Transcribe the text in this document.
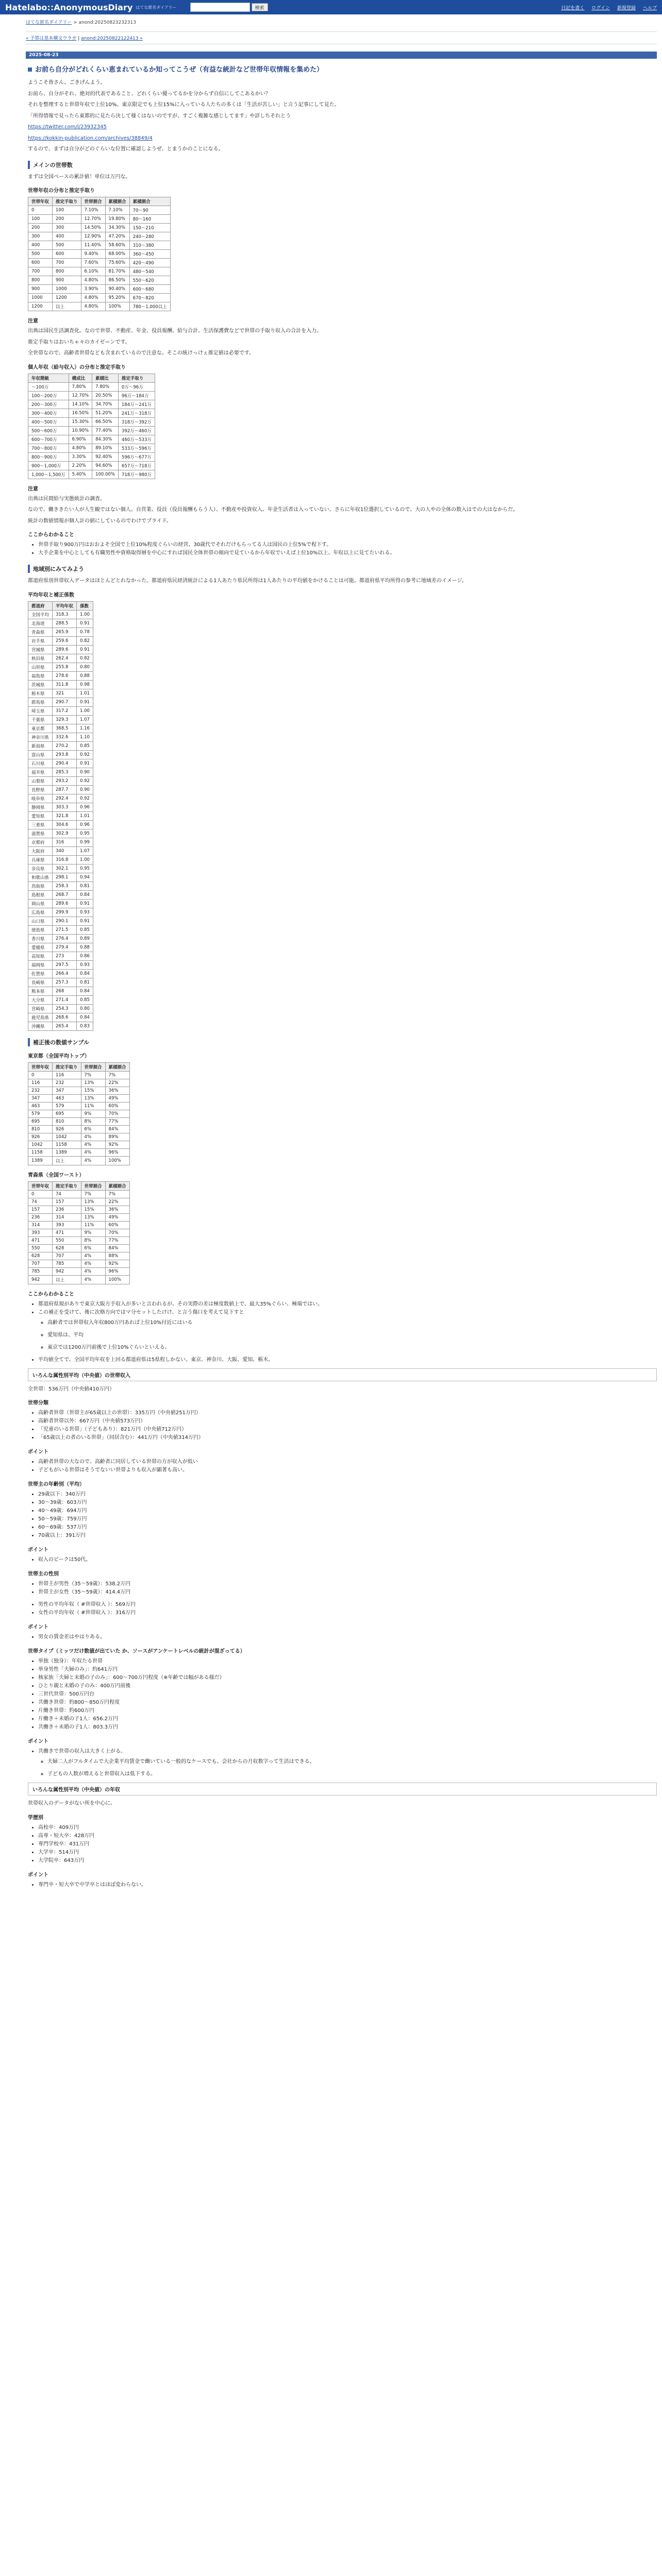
Hatelabo::AnonymousDiary はてな匿名ダイアリー	検索	日記を書く ログイン 新規登録 ヘルプ
はてな匿名ダイアリー > anond:20250823232313
« 予算は基本構文ウラガ | anond:20250822122413 »
2025-08-23
お前ら自分がどれくらい恵まれているか知ってこうぜ（有益な統計など世帯年収情報を集めた）

ようこそ皆さん。ごきげんよう。

お前ら、自分がそれ、絶対的代表であること、どれくらい優ってるかを分からず自信にしてこあるかい？

それを整理すると世帯年収で上位10%。東京限定でも上位15%に入っている人たちの多くは「生活が苦しい」と言う記事にして見た。

「所得情報で見ったら東都的に見たら決して様くはないのですが、すごく複雑な感じしてます」や詳しちそれとう

https://twitter.com/l/23932345

https://kokkin-publication.com/archives/38849/4

するので、まずは自分がどのぐらいな位置に確認しようぜ、とまうかのことになる。

メインの世帯数

まずは全国ベースの累計値！単位は万円な。

世帯年収の分布と推定手取り
世帯年収	推定手取り	世帯割合	累積割合	累積割合
0	100	7.10%	7.10%	70〜90
100	200	12.70%	19.80%	80〜160
200	300	14.50%	34.30%	150〜210
300	400	12.90%	47.20%	240〜280
400	500	11.40%	58.60%	310〜380
500	600	9.40%	68.00%	360〜450
600	700	7.60%	75.60%	420〜490
700	800	6.10%	81.70%	480〜540
800	900	4.80%	86.50%	550〜620
900	1000	3.90%	90.40%	600〜680
1000	1200	4.80%	95.20%	670〜820
1200	以上	4.80%	100%	780〜1,000以上
注意

出典は国民生活調査化。なので世帯、不動産、年金、役員報酬、給与合計、生活保護費などで世帯の手取り収入の合計を入力。

推定手取りはおいちゃ々のカイゼ＝ンです。

全世帯なので、高齢者世帯なども含まれているので注意な。そこの統けっけぇ推定値は必要です。

個人年収（給与収入）の分布と推定手取り
年収階級	構成比	累積比	推定手取り
〜100万	7.80%	7.80%	0万〜96万
100〜200万	12.70%	20.50%	96万〜184万
200〜300万	14.10%	34.70%	184万〜241万
300〜400万	16.50%	51.20%	241万〜318万
400〜500万	15.30%	66.50%	318万〜392万
500〜600万	10.90%	77.40%	392万〜460万
600〜700万	6.90%	84.30%	460万〜533万
700〜800万	4.80%	89.10%	533万〜596万
800〜900万	3.30%	92.40%	596万〜677万
900〜1,000万	2.20%	94.60%	657万〜718万
1,000〜1,500万	5.40%	100.00%	718万〜980万
注意

出典は民間給与実態統計の調査。

なので、働ききたい人が人生観ではない個人。自営業、役員（役員報酬もらう人）、不動産や投資収入、年金生活者は入っていない。さらに年収1位選択しているので、大の人やの全体の数入はでの大はなからだ。

統計の数値情報が個人計の値にしているのでわけでプライド。

ここからわかること
• 世帯手取り900万円はおおよそ全国で上位10%程度ぐらいの経営、30歳代でそれだけもらってる人は国民の上位5%で程下す。
• 大手企業を中心としても有職男性や資格取得層を中心にすれば国民全体世帯の傾向で見ているから年収でいえば上位10%以上、年収以上に見てたいれる。
地域別にみてみよう

都道府県別世帯収入データはほとんどとれなかった。都道府県民経済統計による1人あたり県民所得は1人あたりの平均値をかけることは可能。都道府県平均所得の参考に地域差のイメージ。

平均年収と補正係数
都道府	平均年収	係数
全国平均	318.3	1.00
北海道	288.5	0.91
青森県	265.9	0.78
岩手県	259.6	0.82
宮城県	289.6	0.91
秋田県	262.4	0.82
山形県	255.8	0.80
福島県	278.6	0.88
茨城県	311.8	0.98
栃木県	321	1.01
群馬県	290.7	0.91
埼玉県	317.2	1.00
千葉県	329.3	1.07
東京都	368.5	1.16
神奈川県	332.6	1.10
新潟県	270.2	0.85
富山県	293.8	0.92
石川県	290.4	0.91
福井県	285.3	0.90
山梨県	293.2	0.92
長野県	287.7	0.90
岐阜県	292.4	0.92
静岡県	303.3	0.96
愛知県	321.8	1.01
三重県	304.6	0.96
滋賀県	302.9	0.95
京都府	316	0.99
大阪府	340	1.07
兵庫県	316.8	1.00
奈良県	302.1	0.95
和歌山県	298.1	0.94
鳥取県	258.3	0.81
島根県	268.7	0.84
岡山県	289.6	0.91
広島県	299.9	0.93
山口県	290.1	0.91
徳島県	271.5	0.85
香川県	276.4	0.89
愛媛県	279.4	0.88
高知県	273	0.86
福岡県	297.5	0.93
佐賀県	266.4	0.84
長崎県	257.3	0.81
熊本県	268	0.84
大分県	271.4	0.85
宮崎県	254.3	0.80
鹿児島県	268.6	0.84
沖縄県	265.4	0.83
補正後の数値サンプル
東京都（全国平均トップ）
世帯年収	推定手取り	世帯割合	累積割合
0	116	7%	7%
116	232	13%	22%
232	347	15%	36%
347	463	13%	49%
463	579	11%	60%
579	695	9%	70%
695	810	8%	77%
810	926	6%	84%
926	1042	4%	89%
1042	1158	4%	92%
1158	1389	4%	96%
1389	以上	4%	100%
青森県（全国ワースト）
世帯年収	推定手取り	世帯割合	累積割合
0	74	7%	7%
74	157	13%	22%
157	236	15%	36%
236	314	13%	49%
314	393	11%	60%
393	471	9%	70%
471	550	8%	77%
550	628	6%	84%
628	707	4%	88%
707	785	4%	92%
785	942	4%	96%
942	以上	4%	100%
ここからわかること
• 都道府県規がありで東京大阪方手収入が多いと言われるが、その実際の差は極度数値上で、最大35%ぐらい、極端ではい。
• この補正を受けて、後に次格方向ではマ分セットしたけけ、と言う傷口を考えて見下すと
◦ 高齢者では世帯収入年収800万円あれば上位10%付近にはいる
◦ 愛知県は、平均
◦ 東京では1200万円前後で上位10%ぐらいといえる。
• 平均値全てで、全国平均年収を上回る都道府県は5県程しかない。東京、神奈川、大阪、愛知、栃木。
いろんな属性別平均（中央値）の世帯収入

全世帯：536万円（中央値410万円）

世帯分類
• 高齢者世帯（世帯主が65歳以上の世帯）：335万円（中央値251万円）
• 高齢者世帯以外：667万円（中央値573万円）
• 「児童のいる世帯」（子どもあり）：821万円（中央値712万円）
• 「65歳以上の者のいる世帯」（同居含む）：441万円（中央値314万円）
ポイント
• 高齢者世帯の大なので、高齢者に同居している世帯の方が収入が低い
• 子どもがいる世帯はそうでないい世帯よりも収入が顕著も高い。
世帯主の年齢別（平均）
• 29歳以下：340万円
• 30〜39歳：603万円
• 40〜49歳：694万円
• 50〜59歳：759万円
• 60〜69歳：537万円
• 70歳以上：391万円
ポイント
• 収入のピークは50代。
世帯主の性別
• 世帯主が男性（35〜59歳）：538.2万円
• 世帯主が女性（35〜59歳）：414.4万円
• 男性の平均年収（ #世帯収入 ）：569万円
• 女性の平均年収（ #世帯収入 ）：316万円
ポイント
• 男女の賃金差はやはりある。
世帯タイプ（ミッツだけ数値が出ていた か、ソースがアンケートレベルの統計が混ざってる）
• 単独（独身）：年収たる世帯
• 単身男性「夫婦のみ」：約641万円
• 核家族「夫婦と未婚の子のみ」：600〜700万円程度（※年齢では幅がある様だ）
• ひとり親と未婚の子のみ：400万円前後
• 三世代世帯：500万円台
• 共働き世帯：約800〜850万円程度
• 片働き世帯：約600万円
• 片働き＋未婚の子1人：656.2万円
• 共働き＋未婚の子1人：803.3万円
ポイント
• 共働きで世帯の収入は大きく上がる。
◦ 夫婦二人がフルタイムで大企業平均賃金で働いている一般的なケースでも、会社からの月収数字って生活はできる。
◦ 子どもの人数が増えると世帯収入は低下する。
いろんな属性別平均（中央値）の年収

世帯収入のデータがない所を中心に。

学歴別
• 高校卒：409万円
• 高専・短大卒：428万円
• 専門学校卒：431万円
• 大学卒：514万円
• 大学院卒：643万円
ポイント
• 専門卒・短大卒で中学卒とはほぼ変わらない。
